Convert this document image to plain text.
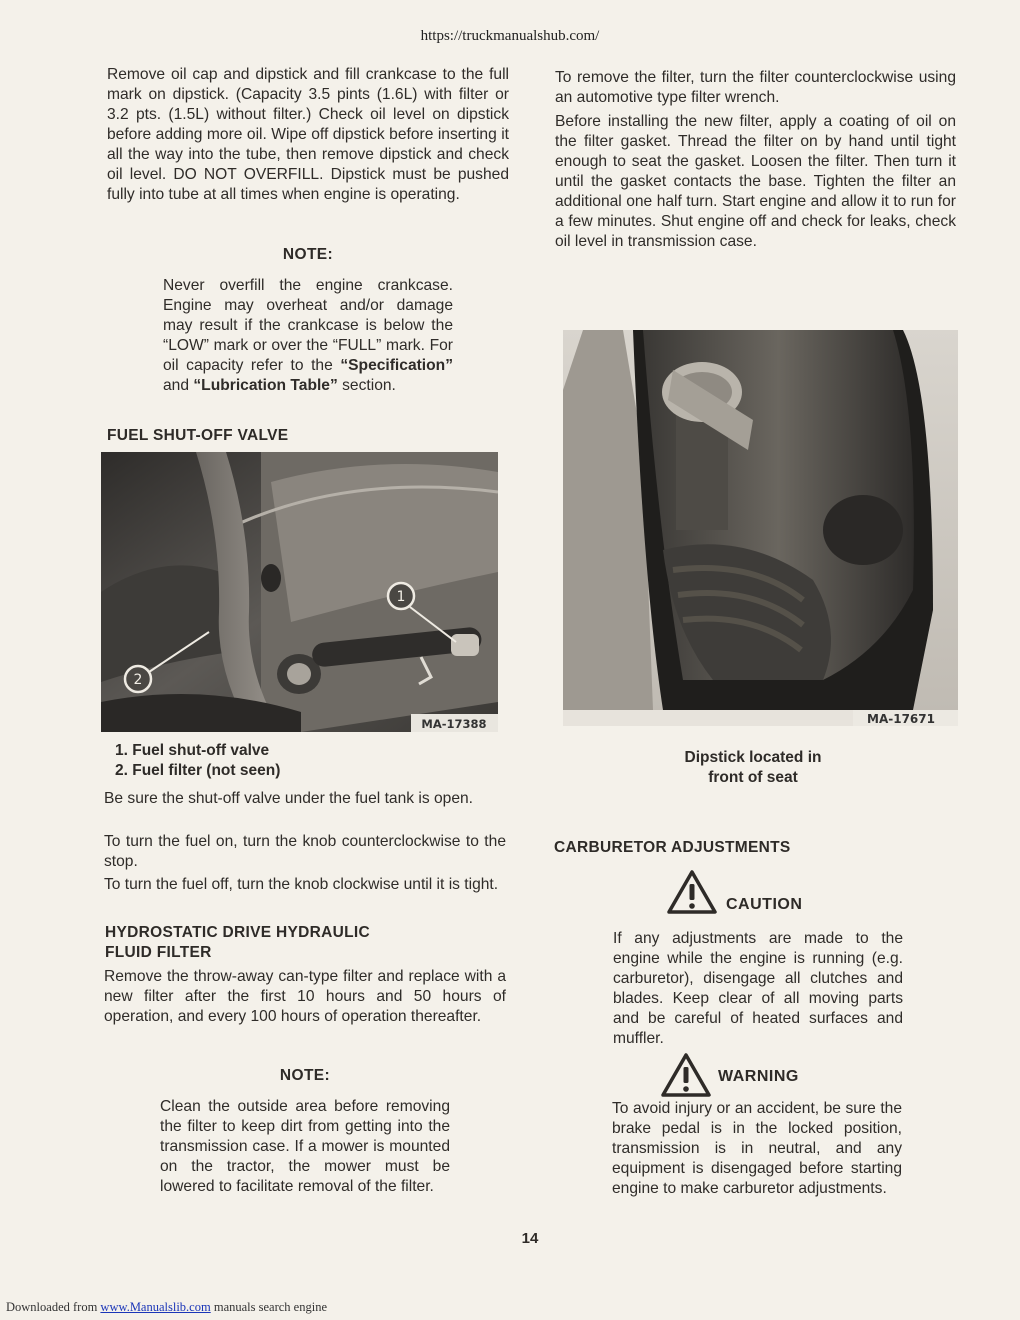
https://truckmanualshub.com/

Remove oil cap and dipstick and fill crankcase to the full mark on dipstick. (Capacity 3.5 pints (1.6L) with filter or 3.2 pts. (1.5L) without filter.) Check oil level on dipstick before adding more oil. Wipe off dipstick before inserting it all the way into the tube, then remove dipstick and check oil level. DO NOT OVERFILL. Dipstick must be pushed fully into tube at all times when engine is operating.

NOTE:

Never overfill the engine crankcase. Engine may overheat and/or damage may result if the crankcase is below the “LOW” mark or over the “FULL” mark. For oil capacity refer to the “Specification” and “Lubrication Table” section.

FUEL SHUT-OFF VALVE
1
2
MA-17388
1. Fuel shut-off valve
2. Fuel filter (not seen)

Be sure the shut-off valve under the fuel tank is open.

To turn the fuel on, turn the knob counterclockwise to the stop.

To turn the fuel off, turn the knob clockwise until it is tight.

HYDROSTATIC DRIVE HYDRAULIC
FLUID FILTER

Remove the throw-away can-type filter and replace with a new filter after the first 10 hours and 50 hours of operation, and every 100 hours of operation thereafter.

NOTE:

Clean the outside area before removing the filter to keep dirt from getting into the transmission case. If a mower is mounted on the tractor, the mower must be lowered to facilitate removal of the filter.

To remove the filter, turn the filter counterclockwise using an automotive type filter wrench.

Before installing the new filter, apply a coating of oil on the filter gasket. Thread the filter on by hand until tight enough to seat the gasket. Loosen the filter. Then turn it until the gasket contacts the base. Tighten the filter an additional one half turn. Start engine and allow it to run for a few minutes. Shut engine off and check for leaks, check oil level in transmission case.

MA-17671
Dipstick located in
front of seat
CARBURETOR ADJUSTMENTS
CAUTION

If any adjustments are made to the engine while the engine is running (e.g. carburetor), disengage all clutches and blades. Keep clear of all moving parts and be careful of heated surfaces and muffler.

WARNING

To avoid injury or an accident, be sure the brake pedal is in the locked position, transmission is in neutral, and any equipment is disengaged before starting engine to make carburetor adjustments.

14
Downloaded from www.Manualslib.com manuals search engine
